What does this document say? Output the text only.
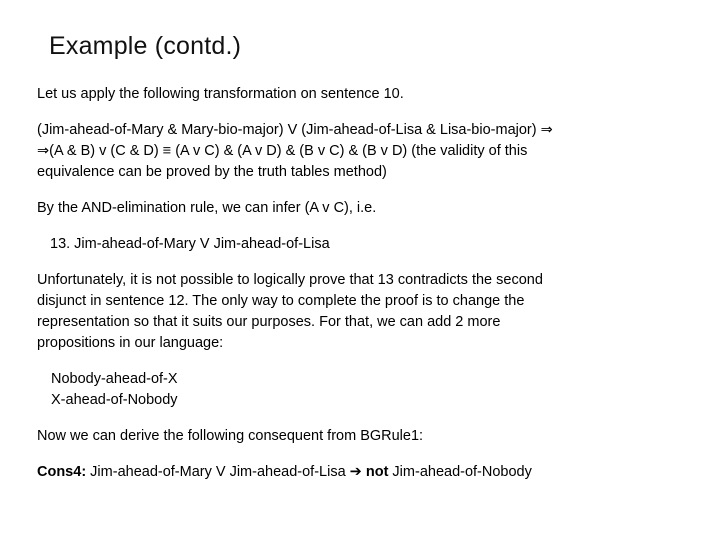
Example (contd.)
Let us apply the following transformation on sentence 10.
(Jim-ahead-of-Mary & Mary-bio-major) V (Jim-ahead-of-Lisa & Lisa-bio-major) ⇒
⇒(A & B) v (C & D) ≡ (A v C) & (A v D) & (B v C) & (B v D) (the validity of this
equivalence can be proved by the truth tables method)
By the AND-elimination rule, we can infer (A v C), i.e.
13. Jim-ahead-of-Mary V Jim-ahead-of-Lisa
Unfortunately, it is not possible to logically prove that 13 contradicts the second
disjunct in sentence 12. The only way to complete the proof is to change the
representation so that it suits our purposes. For that, we can add 2 more
propositions in our language:
Nobody-ahead-of-X
X-ahead-of-Nobody
Now we can derive the following consequent from BGRule1:
Cons4: Jim-ahead-of-Mary V Jim-ahead-of-Lisa ➔ not Jim-ahead-of-Nobody
